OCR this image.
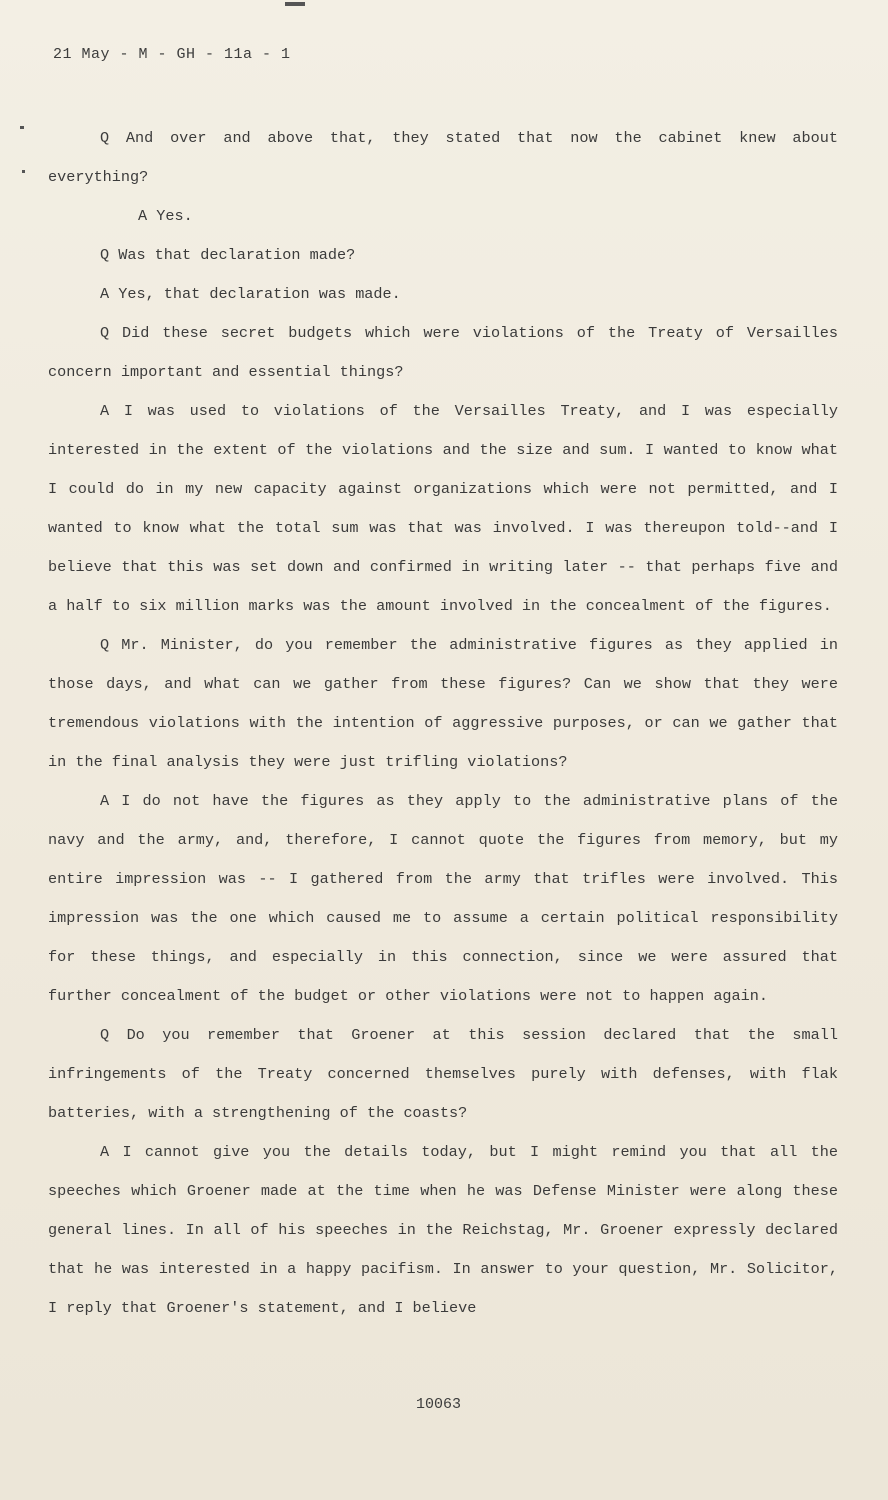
21 May - M - GH - 11a - 1

Q And over and above that, they stated that now the cabinet knew about everything?

A Yes.

Q Was that declaration made?

A Yes, that declaration was made.

Q Did these secret budgets which were violations of the Treaty of Versailles concern important and essential things?

A I was used to violations of the Versailles Treaty, and I was especially interested in the extent of the violations and the size and sum. I wanted to know what I could do in my new capacity against organizations which were not permitted, and I wanted to know what the total sum was that was involved. I was thereupon told--and I believe that this was set down and confirmed in writing later -- that perhaps five and a half to six million marks was the amount involved in the concealment of the figures.

Q Mr. Minister, do you remember the administrative figures as they applied in those days, and what can we gather from these figures? Can we show that they were tremendous violations with the intention of aggressive purposes, or can we gather that in the final analysis they were just trifling violations?

A I do not have the figures as they apply to the administrative plans of the navy and the army, and, therefore, I cannot quote the figures from memory, but my entire impression was -- I gathered from the army that trifles were involved. This impression was the one which caused me to assume a certain political responsibility for these things, and especially in this connection, since we were assured that further concealment of the budget or other violations were not to happen again.

Q Do you remember that Groener at this session declared that the small infringements of the Treaty concerned themselves purely with defenses, with flak batteries, with a strengthening of the coasts?

A I cannot give you the details today, but I might remind you that all the speeches which Groener made at the time when he was Defense Minister were along these general lines. In all of his speeches in the Reichstag, Mr. Groener expressly declared that he was interested in a happy pacifism. In answer to your question, Mr. Solicitor, I reply that Groener's statement, and I believe

10063
